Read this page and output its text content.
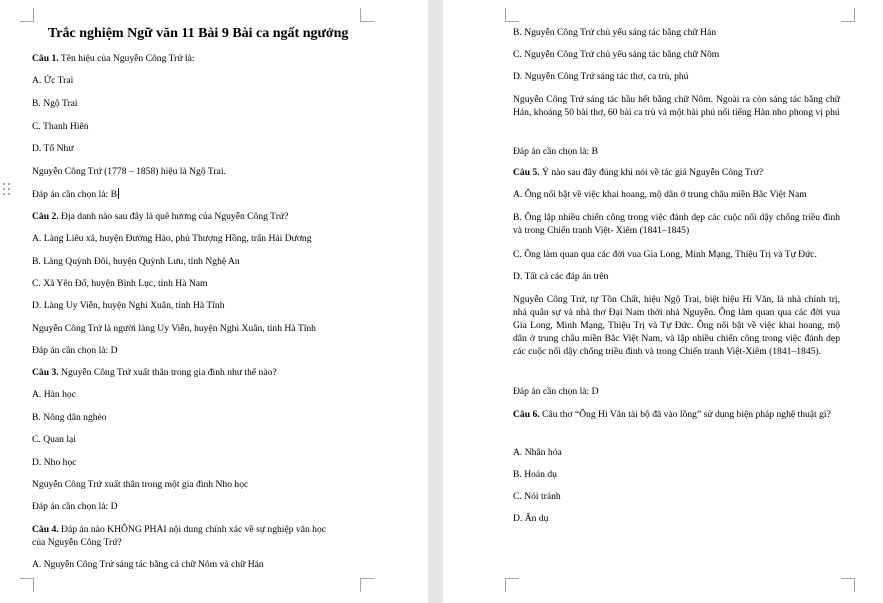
Trắc nghiệm Ngữ văn 11 Bài 9 Bài ca ngất ngưởng
Câu 1. Tên hiệu của Nguyễn Công Trứ là:
A. Ức Trai
B. Ngộ Trai
C. Thanh Hiên
D. Tố Như
Nguyễn Công Trứ (1778 – 1858) hiệu là Ngộ Trai.
Đáp án cần chọn là: B
Câu 2. Địa danh nào sau đây là quê hương của Nguyễn Công Trứ?
A. Làng Liêu xá, huyện Đường Hào, phủ Thượng Hồng, trấn Hải Dương
B. Làng Quỳnh Đôi, huyện Quỳnh Lưu, tỉnh Nghệ An
C. Xã Yên Đổ, huyện Bình Lục, tỉnh Hà Nam
D. Làng Uy Viễn, huyện Nghi Xuân, tỉnh Hà Tĩnh
Nguyễn Công Trứ là người làng Uy Viễn, huyện Nghi Xuân, tỉnh Hà Tĩnh
Đáp án cần chọn là: D
Câu 3. Nguyễn Công Trứ xuất thân trong gia đình như thế nào?
A. Hàn học
B. Nông dân nghèo
C. Quan lại
D. Nho học
Nguyễn Công Trứ xuất thân trong một gia đình Nho học
Đáp án cần chọn là: D
Câu 4. Đáp án nào KHÔNG PHẢI nội dung chính xác về sự nghiệp văn học
của Nguyễn Công Trứ?
A. Nguyễn Công Trứ sáng tác bằng cả chữ Nôm và chữ Hán
B. Nguyễn Công Trứ chủ yếu sáng tác bằng chữ Hán
C. Nguyễn Công Trứ chủ yếu sáng tác bằng chữ Nôm
D. Nguyễn Công Trứ sáng tác thơ, ca trù, phú
Nguyễn Công Trứ sáng tác hầu hết bằng chữ Nôm. Ngoài ra còn sáng tác bằng chữ Hán, khoảng 50 bài thơ, 60 bài ca trù và một bài phú nổi tiếng Hàn nho phong vị phú
Đáp án cần chọn là: B
Câu 5. Ý nào sau đây đúng khi nói về tác giả Nguyễn Công Trứ?
A. Ông nổi bật về việc khai hoang, mộ dân ở trung châu miền Bắc Việt Nam
B. Ông lập nhiều chiến công trong việc đánh dẹp các cuộc nổi dậy chống triều đình và trong Chiến tranh Việt- Xiêm (1841–1845)
C. Ông làm quan qua các đời vua Gia Long, Minh Mạng, Thiệu Trị và Tự Đức.
D. Tất cả các đáp án trên
Nguyễn Công Trứ, tự Tồn Chất, hiệu Ngộ Trai, biệt hiệu Hi Văn, là nhà chính trị, nhà quân sự và nhà thơ Đại Nam thời nhà Nguyễn. Ông làm quan qua các đời vua Gia Long, Minh Mạng, Thiệu Trị và Tự Đức. Ông nổi bật về việc khai hoang, mộ dân ở trung châu miền Bắc Việt Nam, và lập nhiều chiến công trong việc đánh dẹp các cuộc nổi dậy chống triều đình và trong Chiến tranh Việt-Xiêm (1841–1845).
Đáp án cần chọn là: D
Câu 6. Câu thơ “Ông Hi Văn tài bộ đã vào lồng” sử dụng biện pháp nghệ thuật gì?
A. Nhân hóa
B. Hoán dụ
C. Nói tránh
D. Ẩn dụ
